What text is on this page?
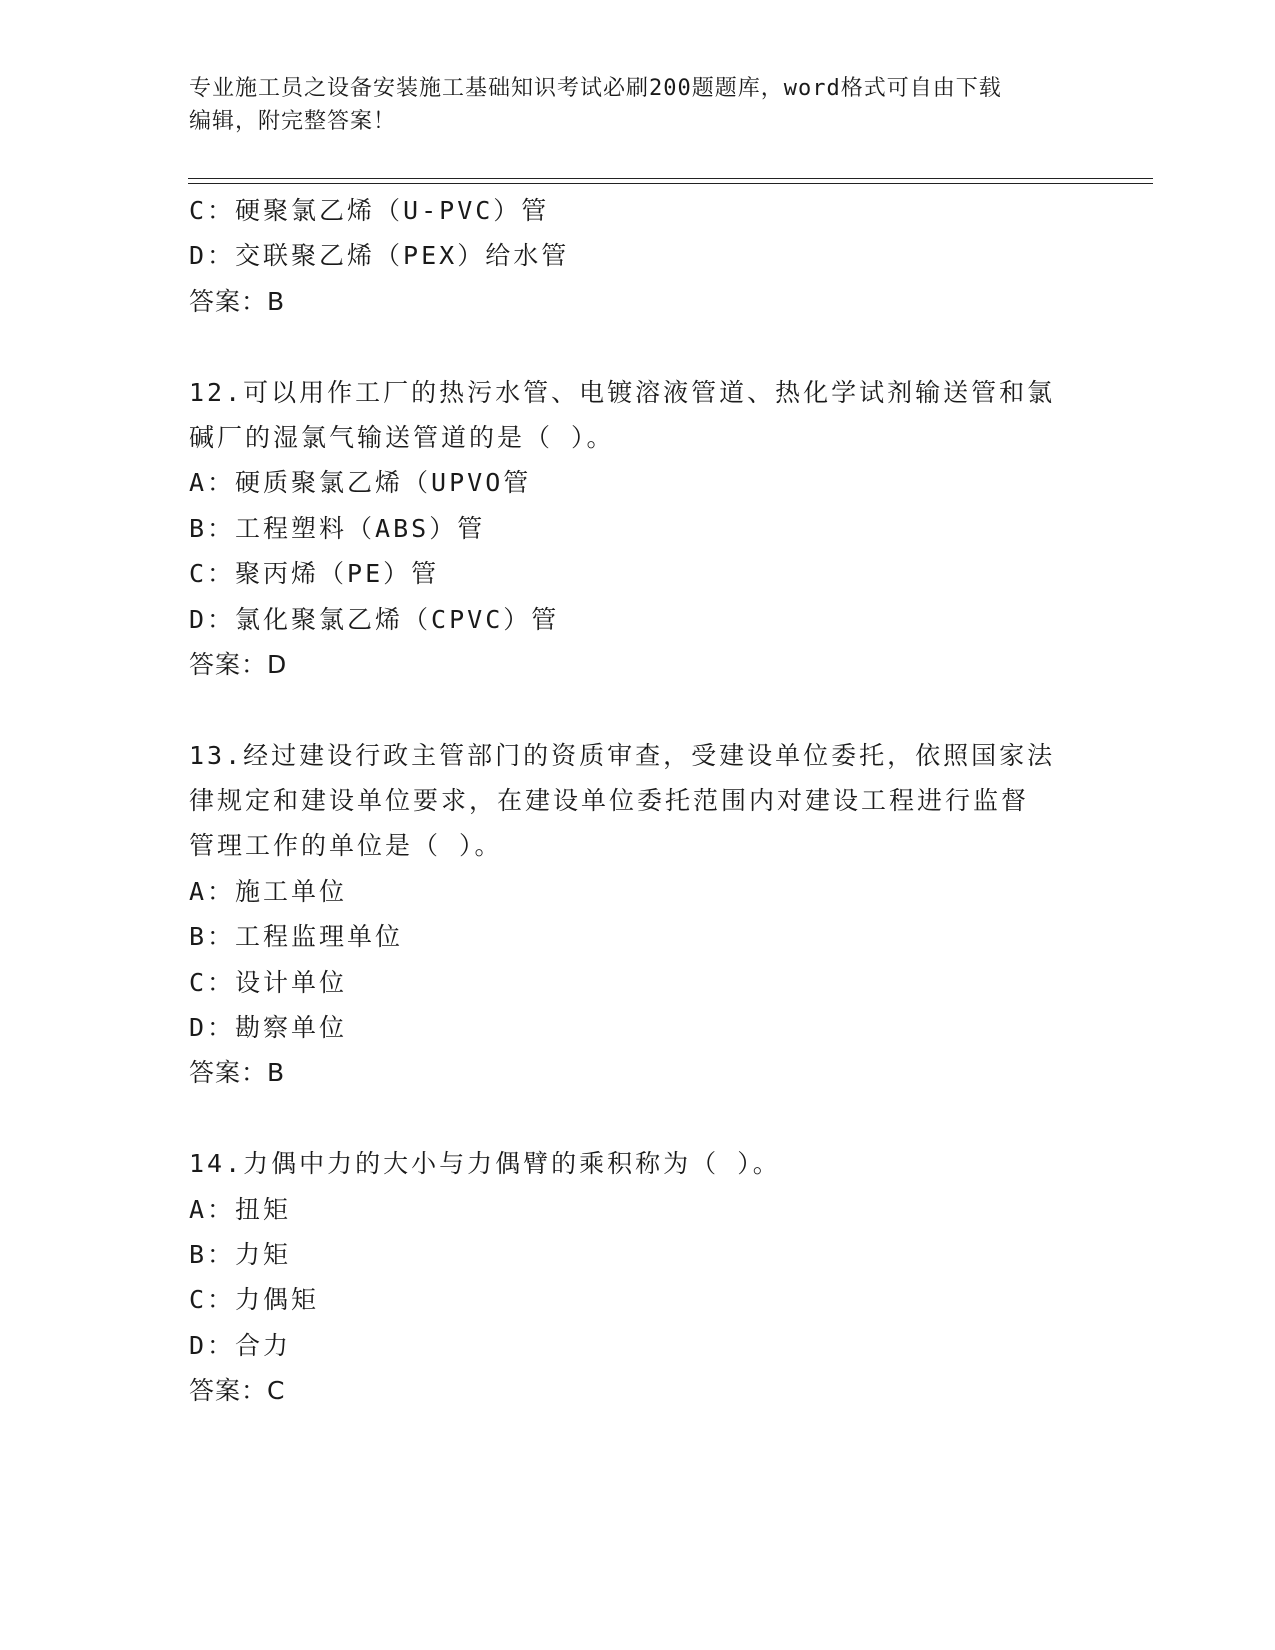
专业施工员之设备安装施工基础知识考试必刷200题题库，word格式可自由下载
编辑，附完整答案！
C：硬聚氯乙烯（U-PVC）管
D：交联聚乙烯（PEX）给水管
答案：B
12.可以用作工厂的热污水管、电镀溶液管道、热化学试剂输送管和氯
碱厂的湿氯气输送管道的是（ ）。
A：硬质聚氯乙烯（UPVO管
B：工程塑料（ABS）管
C：聚丙烯（PE）管
D：氯化聚氯乙烯（CPVC）管
答案：D
13.经过建设行政主管部门的资质审查，受建设单位委托，依照国家法
律规定和建设单位要求，在建设单位委托范围内对建设工程进行监督
管理工作的单位是（ ）。
A：施工单位
B：工程监理单位
C：设计单位
D：勘察单位
答案：B
14.力偶中力的大小与力偶臂的乘积称为（ ）。
A：扭矩
B：力矩
C：力偶矩
D：合力
答案：C
